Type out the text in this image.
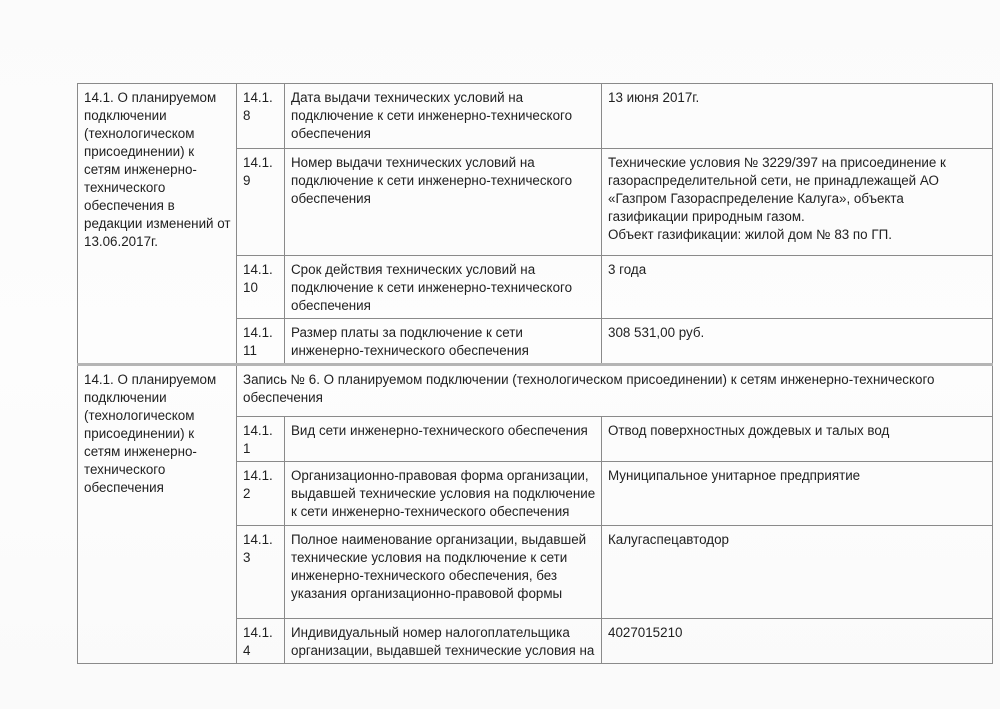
14.1. О планируемом подключении (технологическом присоединении) к сетям инженерно-технического обеспечения в редакции изменений от 13.06.2017г.	14.1.8	Дата выдачи технических условий на подключение к сети инженерно-технического обеспечения	13 июня 2017г.
	14.1.9	Номер выдачи технических условий на подключение к сети инженерно-технического обеспечения	Технические условия № 3229/397 на присоединение к газораспределительной сети, не принадлежащей АО «Газпром Газораспределение Калуга», объекта газификации природным газом.
Объект газификации: жилой дом № 83 по ГП.

	14.1.10	Срок действия технических условий на подключение к сети инженерно-технического обеспечения	3 года
	14.1.11	Размер платы за подключение к сети инженерно-технического обеспечения	308 531,00 руб.
14.1. О планируемом подключении (технологическом присоединении) к сетям инженерно-технического обеспечения	Запись № 6. О планируемом подключении (технологическом присоединении) к сетям инженерно-технического обеспечения		
	14.1.1	Вид сети инженерно-технического обеспечения	Отвод поверхностных дождевых и талых вод
	14.1.2	Организационно-правовая форма организации, выдавшей технические условия на подключение к сети инженерно-технического обеспечения	Муниципальное унитарное предприятие
	14.1.3	Полное наименование организации, выдавшей технические условия на подключение к сети инженерно-технического обеспечения, без указания организационно-правовой формы	Калугаспецавтодор
	14.1.4	Индивидуальный номер налогоплательщика организации, выдавшей технические условия на	4027015210
